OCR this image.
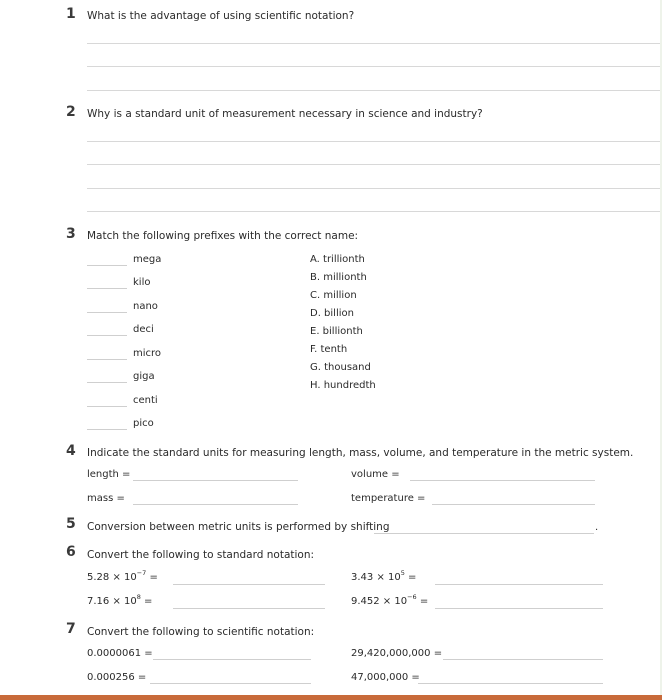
1 What is the advantage of using scientific notation?
2 Why is a standard unit of measurement necessary in science and industry?
3 Match the following prefixes with the correct name:
mega
kilo
nano
deci
micro
giga
centi
pico
A. trillionth
B. millionth
C. million
D. billion
E. billionth
F. tenth
G. thousand
H. hundredth
4 Indicate the standard units for measuring length, mass, volume, and temperature in the metric system.
length =	volume =
mass =	temperature =
5 Conversion between metric units is performed by shifting	.
6 Convert the following to standard notation:
$5.28 \times 10^{-7}$ =	$3.43 \times 10^5$ =
$7.16 \times 10^8$ =	$9.452 \times 10^{-6}$ =
7 Convert the following to scientific notation:
0.0000061 =	29,420,000,000 =
0.000256 =	47,000,000 =
